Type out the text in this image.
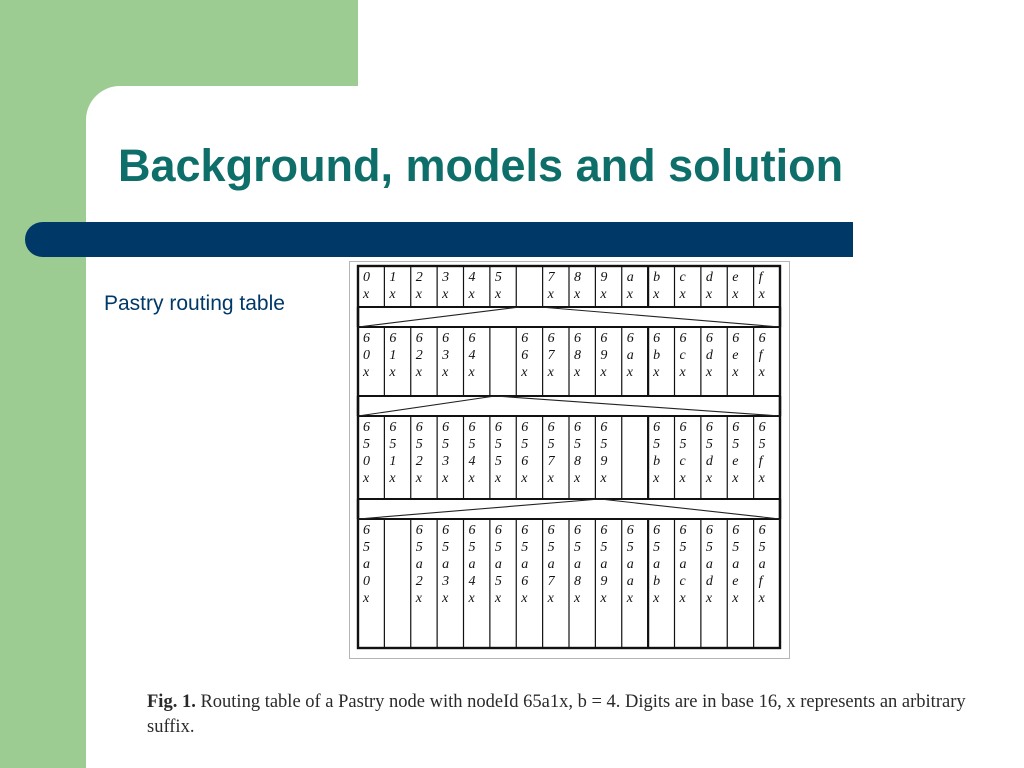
Background, models and solution
Pastry routing table
0
x
1
x
2
x
3
x
4
x
5
x
7
x
8
x
9
x
a
x
b
x
c
x
d
x
e
x
f
x
6
0
x
6
1
x
6
2
x
6
3
x
6
4
x
6
6
x
6
7
x
6
8
x
6
9
x
6
a
x
6
b
x
6
c
x
6
d
x
6
e
x
6
f
x
6
5
0
x
6
5
1
x
6
5
2
x
6
5
3
x
6
5
4
x
6
5
5
x
6
5
6
x
6
5
7
x
6
5
8
x
6
5
9
x
6
5
b
x
6
5
c
x
6
5
d
x
6
5
e
x
6
5
f
x
6
5
a
0
x
6
5
a
2
x
6
5
a
3
x
6
5
a
4
x
6
5
a
5
x
6
5
a
6
x
6
5
a
7
x
6
5
a
8
x
6
5
a
9
x
6
5
a
a
x
6
5
a
b
x
6
5
a
c
x
6
5
a
d
x
6
5
a
e
x
6
5
a
f
x

Fig. 1. Routing table of a Pastry node with nodeId 65a1x, b = 4. Digits are in base 16, x represents an arbitrary suffix.
